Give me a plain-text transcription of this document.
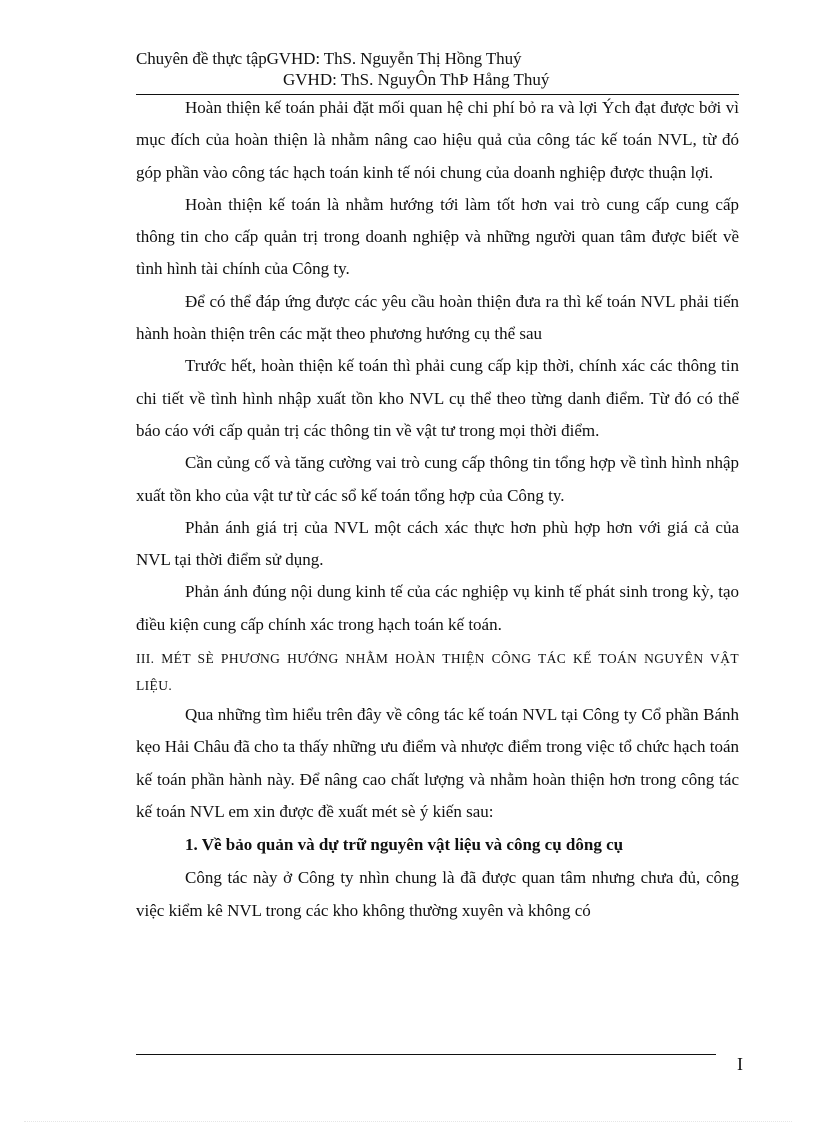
Chuyên đề thực tậpGVHD: ThS. Nguyễn Thị Hồng Thuý
GVHD: ThS. NguyÔn ThÞ Hång Thuý

Hoàn thiện kế toán phải đặt mối quan hệ chi phí bỏ ra và lợi Ých đạt được bởi vì mục đích của hoàn thiện là nhằm nâng cao hiệu quả của công tác kế toán NVL, từ đó góp phần vào công tác hạch toán kinh tế nói chung của doanh nghiệp được thuận lợi.

Hoàn thiện kế toán là nhằm hướng tới làm tốt hơn vai trò cung cấp cung cấp thông tin cho cấp quản trị trong doanh nghiệp và những người quan tâm được biết về tình hình tài chính của Công ty.

Để có thể đáp ứng được các yêu cầu hoàn thiện đưa ra thì kế toán NVL phải tiến hành hoàn thiện trên các mặt theo phương hướng cụ thể sau

Trước hết, hoàn thiện kế toán thì phải cung cấp kịp thời, chính xác các thông tin chi tiết về tình hình nhập xuất tồn kho NVL cụ thể theo từng danh điểm. Từ đó có thể báo cáo với cấp quản trị các thông tin về vật tư trong mọi thời điểm.

Cần củng cố và tăng cường vai trò cung cấp thông tin tổng hợp về tình hình nhập xuất tồn kho của vật tư từ các sổ kế toán tổng hợp của Công ty.

Phản ánh giá trị của NVL một cách xác thực hơn phù hợp hơn với giá cả của NVL tại thời điểm sử dụng.

Phản ánh đúng nội dung kinh tế của các nghiệp vụ kinh tế phát sinh trong kỳ, tạo điều kiện cung cấp chính xác trong hạch toán kế toán.

III. MÉT SÈ PHƯƠNG HƯỚNG NHẰM HOÀN THIỆN CÔNG TÁC KẾ TOÁN NGUYÊN VẬT LIỆU.

Qua những tìm hiểu trên đây về công tác kế toán NVL tại Công ty Cổ phần Bánh kẹo Hải Châu đã cho ta thấy những ưu điểm và nhược điểm trong việc tổ chức hạch toán kế toán phần hành này. Để nâng cao chất lượng và nhằm hoàn thiện hơn trong công tác kế toán NVL em xin được đề xuất mét sè ý kiến sau:

1. Về bảo quản và dự trữ nguyên vật liệu và công cụ dông cụ

Công tác này ở Công ty nhìn chung là đã được quan tâm nhưng chưa đủ, công việc kiểm kê NVL trong các kho không thường xuyên và không có

I
